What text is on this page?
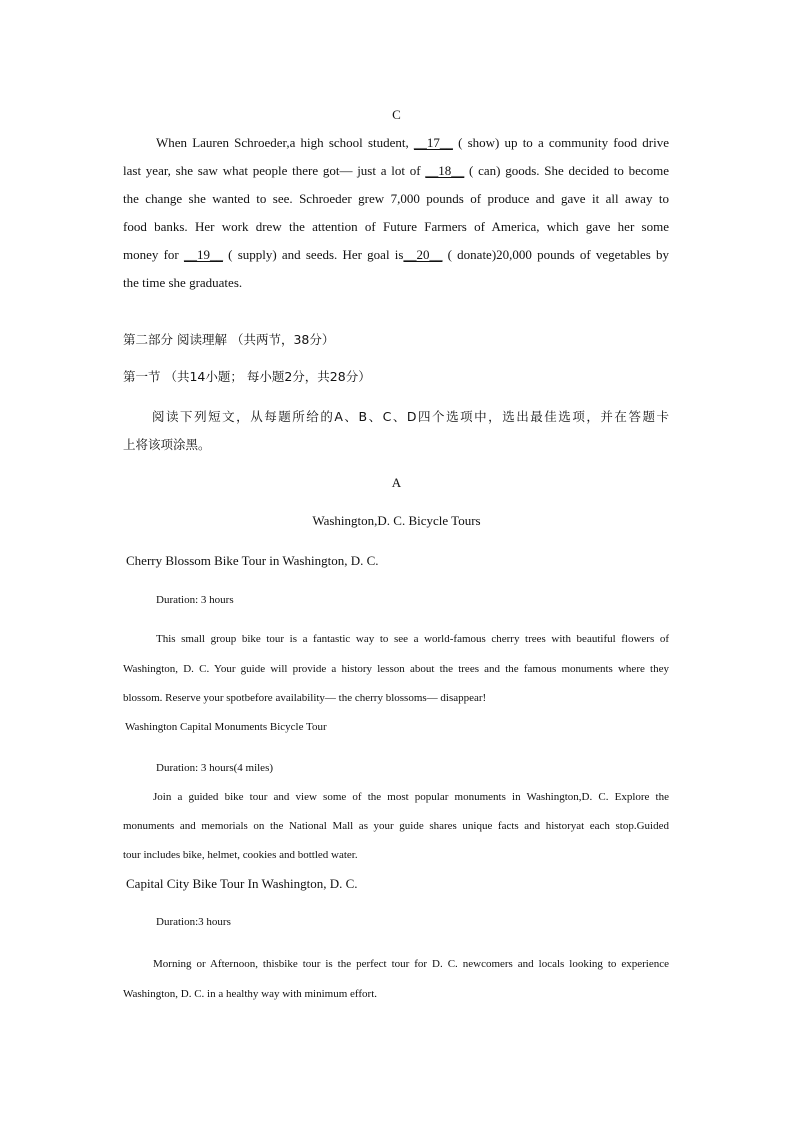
C
When Lauren Schroeder,a high school student, __17__ ( show) up to a community food drive
last year, she saw what people there got— just a lot of __18__ ( can) goods. She decided to become
the change she wanted to see. Schroeder grew 7,000 pounds of produce and gave it all away to
food banks. Her work drew the attention of Future Farmers of America, which gave her some
money for __19__ ( supply) and seeds. Her goal is__20__ ( donate)20,000 pounds of vegetables by
the time she graduates.
第二部分 阅读理解 （共两节，38分）
第一节 （共14小题； 每小题2分，共28分）
阅读下列短文，从每题所给的A、B、C、D四个选项中，选出最佳选项，并在答题卡
上将该项涂黑。
A
Washington,D. C. Bicycle Tours
Cherry Blossom Bike Tour in Washington, D. C.
Duration: 3 hours
This small group bike tour is a fantastic way to see a world-famous cherry trees with beautiful flowers of
Washington, D. C. Your guide will provide a history lesson about the trees and the famous monuments where they
blossom. Reserve your spotbefore availability— the cherry blossoms— disappear!
Washington Capital Monuments Bicycle Tour
Duration: 3 hours(4 miles)
Join a guided bike tour and view some of the most popular monuments in Washington,D. C. Explore the
monuments and memorials on the National Mall as your guide shares unique facts and historyat each stop.Guided
tour includes bike, helmet, cookies and bottled water.
Capital City Bike Tour In Washington, D. C.
Duration:3 hours
Morning or Afternoon, thisbike tour is the perfect tour for D. C. newcomers and locals looking to experience
Washington, D. C. in a healthy way with minimum effort.
